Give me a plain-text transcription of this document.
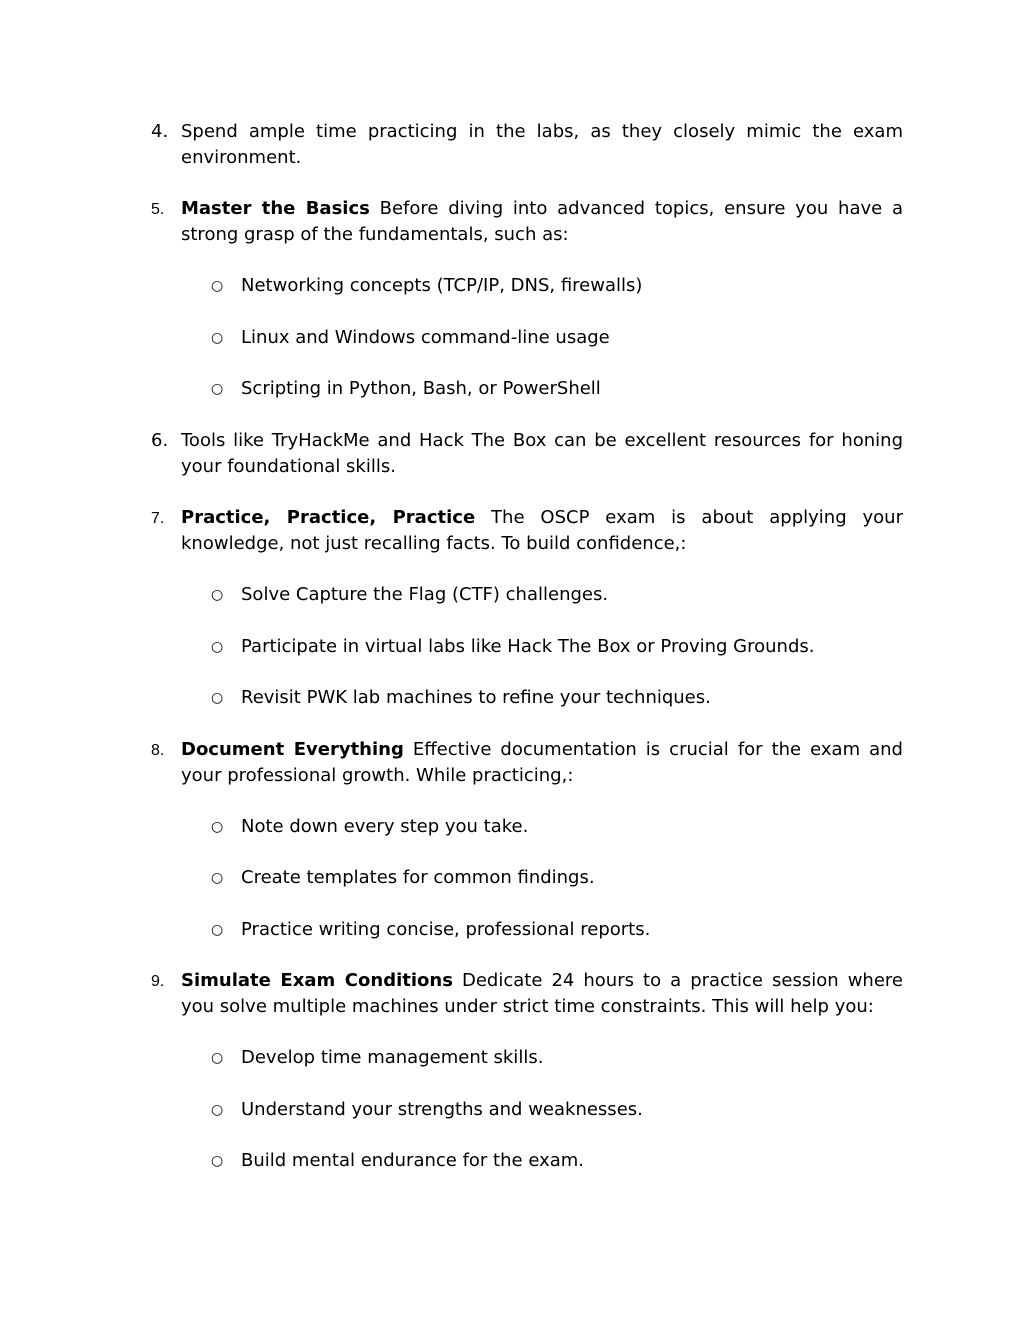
4. Spend ample time practicing in the labs, as they closely mimic the exam environment.
5. Master the Basics Before diving into advanced topics, ensure you have a strong grasp of the fundamentals, such as:
○ Networking concepts (TCP/IP, DNS, firewalls)
○ Linux and Windows command-line usage
○ Scripting in Python, Bash, or PowerShell
6. Tools like TryHackMe and Hack The Box can be excellent resources for honing your foundational skills.
7. Practice, Practice, Practice The OSCP exam is about applying your knowledge, not just recalling facts. To build confidence,:
○ Solve Capture the Flag (CTF) challenges.
○ Participate in virtual labs like Hack The Box or Proving Grounds.
○ Revisit PWK lab machines to refine your techniques.
8. Document Everything Effective documentation is crucial for the exam and your professional growth. While practicing,:
○ Note down every step you take.
○ Create templates for common findings.
○ Practice writing concise, professional reports.
9. Simulate Exam Conditions Dedicate 24 hours to a practice session where you solve multiple machines under strict time constraints. This will help you:
○ Develop time management skills.
○ Understand your strengths and weaknesses.
○ Build mental endurance for the exam.
